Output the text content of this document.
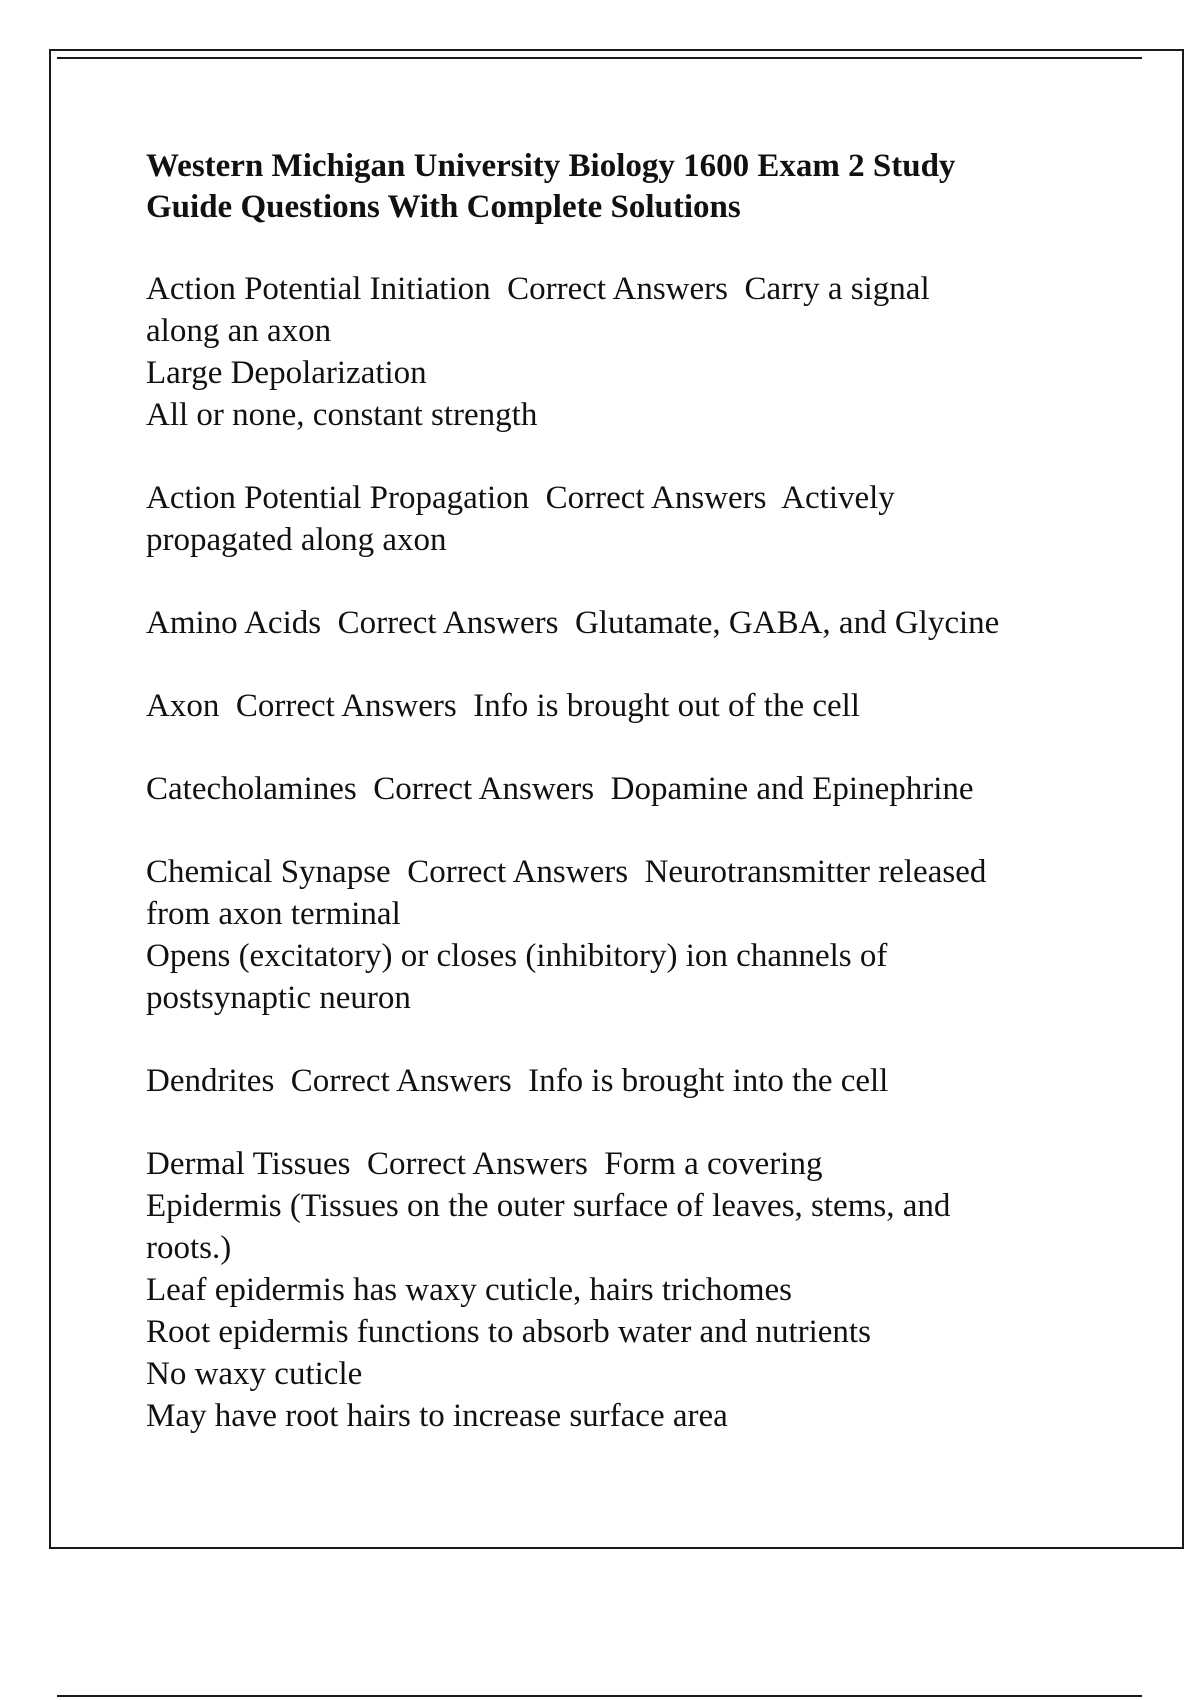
Western Michigan University Biology 1600 Exam 2 Study
Guide Questions With Complete Solutions
Action Potential Initiation Correct Answers Carry a signal
along an axon
Large Depolarization
All or none, constant strength
Action Potential Propagation Correct Answers Actively
propagated along axon
Amino Acids Correct Answers Glutamate, GABA, and Glycine
Axon Correct Answers Info is brought out of the cell
Catecholamines Correct Answers Dopamine and Epinephrine
Chemical Synapse Correct Answers Neurotransmitter released
from axon terminal
Opens (excitatory) or closes (inhibitory) ion channels of
postsynaptic neuron
Dendrites Correct Answers Info is brought into the cell
Dermal Tissues Correct Answers Form a covering
Epidermis (Tissues on the outer surface of leaves, stems, and
roots.)
Leaf epidermis has waxy cuticle, hairs trichomes
Root epidermis functions to absorb water and nutrients
No waxy cuticle
May have root hairs to increase surface area
